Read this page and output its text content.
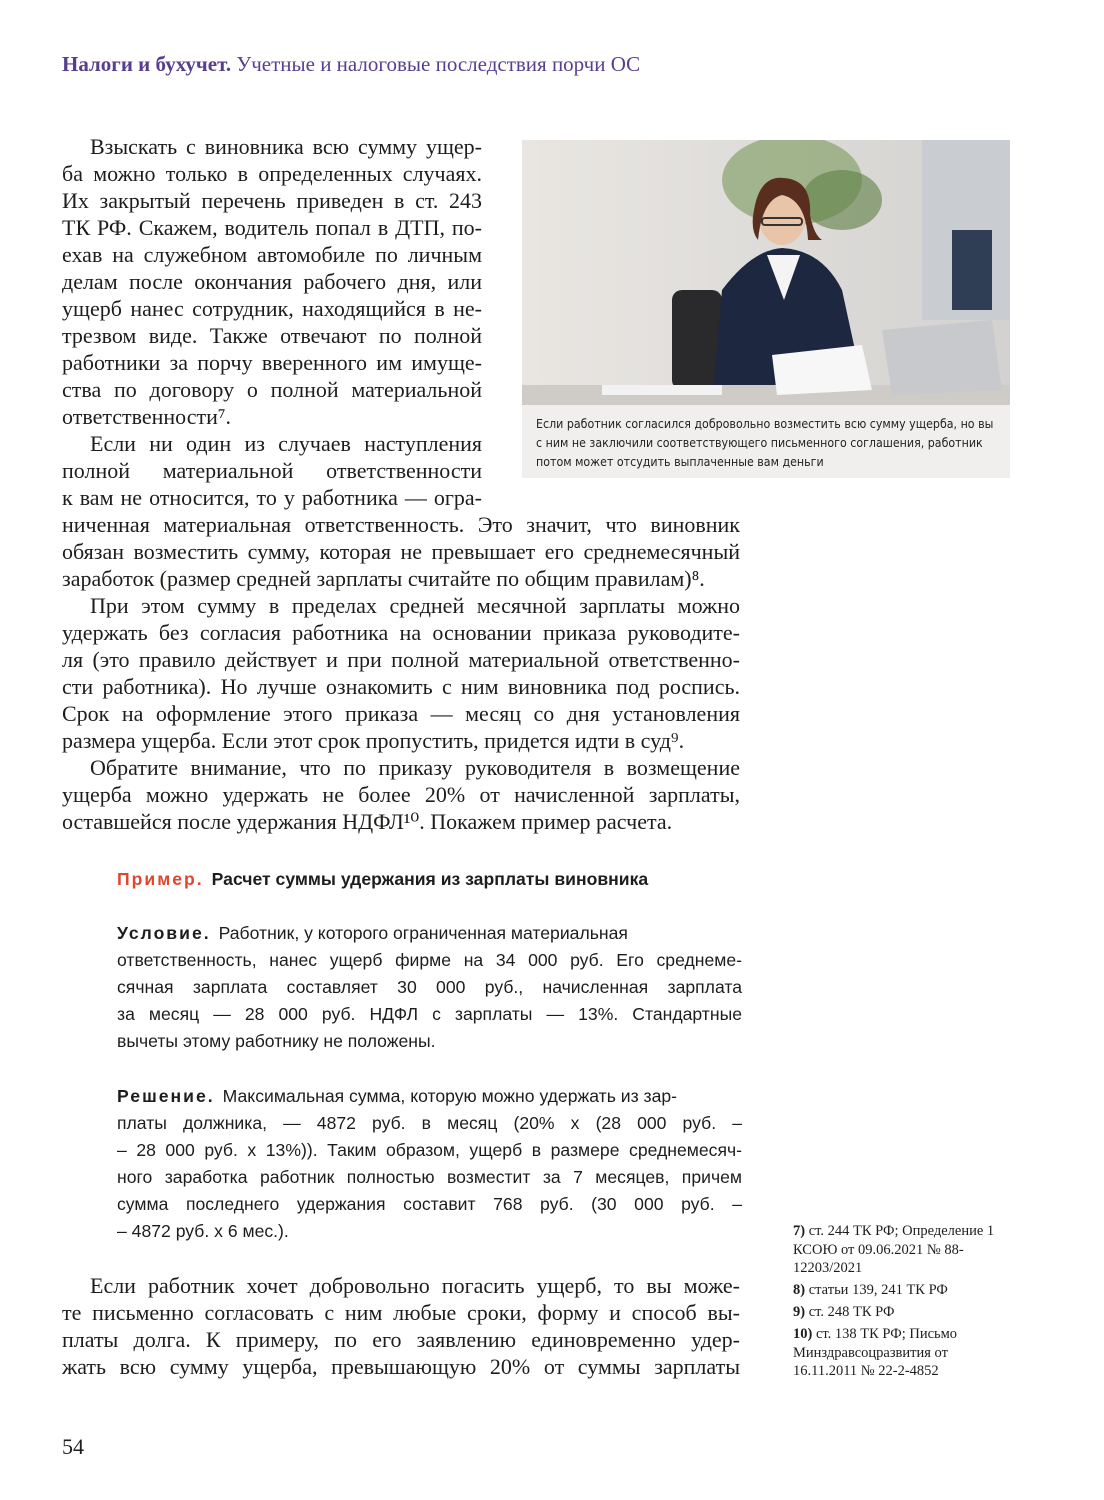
Налоги и бухучет. Учетные и налоговые последствия порчи ОС
Взыскать с виновника всю сумму ущер-
ба можно только в определенных случаях.
Их закрытый перечень приведен в ст. 243
ТК РФ. Скажем, водитель попал в ДТП, по-
ехав на служебном автомобиле по личным
делам после окончания рабочего дня, или
ущерб нанес сотрудник, находящийся в не-
трезвом виде. Также отвечают по полной
работники за порчу вверенного им имуще-
ства по договору о полной материальной
ответственности⁷.
Если ни один из случаев наступления
полной материальной ответственности
к вам не относится, то у работника — огра-
ниченная материальная ответственность. Это значит, что виновник
обязан возместить сумму, которая не превышает его среднемесячный
заработок (размер средней зарплаты считайте по общим правилам)⁸.
При этом сумму в пределах средней месячной зарплаты можно
удержать без согласия работника на основании приказа руководите-
ля (это правило действует и при полной материальной ответственно-
сти работника). Но лучше ознакомить с ним виновника под роспись.
Срок на оформление этого приказа — месяц со дня установления
размера ущерба. Если этот срок пропустить, придется идти в суд⁹.
Обратите внимание, что по приказу руководителя в возмещение
ущерба можно удержать не более 20% от начисленной зарплаты,
оставшейся после удержания НДФЛ¹⁰. Покажем пример расчета.
Если работник согласился добровольно возместить всю сумму ущерба, но вы
с ним не заключили соответствующего письменного соглашения, работник
потом может отсудить выплаченные вам деньги
Пример. Расчет суммы удержания из зарплаты виновника
Условие. Работник, у которого ограниченная материальная
ответственность, нанес ущерб фирме на 34 000 руб. Его среднеме-
сячная зарплата составляет 30 000 руб., начисленная зарплата
за месяц — 28 000 руб. НДФЛ с зарплаты — 13%. Стандартные
вычеты этому работнику не положены.
Решение. Максимальная сумма, которую можно удержать из зар-
платы должника, — 4872 руб. в месяц (20% х (28 000 руб. –
– 28 000 руб. х 13%)). Таким образом, ущерб в размере среднемесяч-
ного заработка работник полностью возместит за 7 месяцев, причем
сумма последнего удержания составит 768 руб. (30 000 руб. –
– 4872 руб. х 6 мес.).
Если работник хочет добровольно погасить ущерб, то вы може-
те письменно согласовать с ним любые сроки, форму и способ вы-
платы долга. К примеру, по его заявлению единовременно удер-
жать всю сумму ущерба, превышающую 20% от суммы зарплаты
7) ст. 244 ТК РФ; Определение 1 КСОЮ от 09.06.2021 № 88-12203/2021
8) статьи 139, 241 ТК РФ
9) ст. 248 ТК РФ
10) ст. 138 ТК РФ; Письмо Минздравсоцразвития от 16.11.2011 № 22-2-4852
54
